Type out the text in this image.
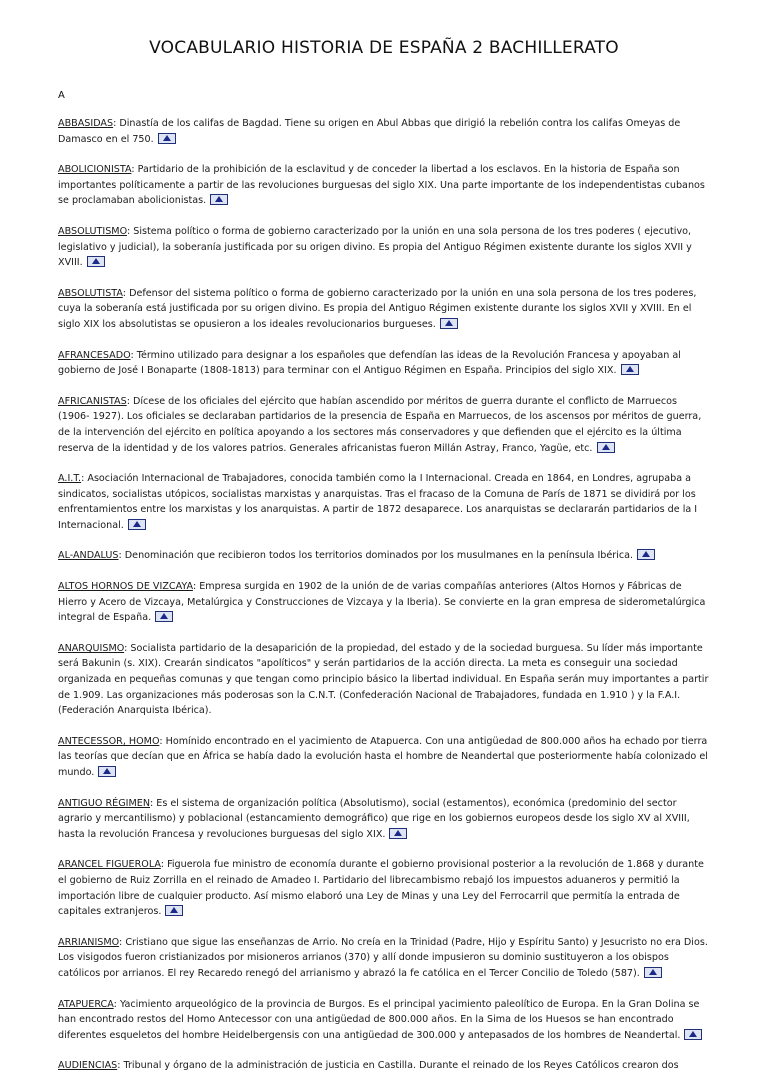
VOCABULARIO HISTORIA DE ESPAÑA 2 BACHILLERATO
A

ABBASIDAS: Dinastía de los califas de Bagdad. Tiene su origen en Abul Abbas que dirigió la rebelión contra los califas Omeyas de Damasco en el 750.

ABOLICIONISTA: Partidario de la prohibición de la esclavitud y de conceder la libertad a los esclavos. En la historia de España son importantes políticamente a partir de las revoluciones burguesas del siglo XIX. Una parte importante de los independentistas cubanos se proclamaban abolicionistas.

ABSOLUTISMO: Sistema político o forma de gobierno caracterizado por la unión en una sola persona de los tres poderes ( ejecutivo, legislativo y judicial), la soberanía justificada por su origen divino. Es propia del Antiguo Régimen existente durante los siglos XVII y XVIII.

ABSOLUTISTA: Defensor del sistema político o forma de gobierno caracterizado por la unión en una sola persona de los tres poderes, cuya la soberanía está justificada por su origen divino. Es propia del Antiguo Régimen existente durante los siglos XVII y XVIII. En el siglo XIX los absolutistas se opusieron a los ideales revolucionarios burgueses.

AFRANCESADO: Término utilizado para designar a los españoles que defendían las ideas de la Revolución Francesa y apoyaban al gobierno de José I Bonaparte (1808-1813) para terminar con el Antiguo Régimen en España. Principios del siglo XIX.

AFRICANISTAS: Dícese de los oficiales del ejército que habían ascendido por méritos de guerra durante el conflicto de Marruecos (1906- 1927). Los oficiales se declaraban partidarios de la presencia de España en Marruecos, de los ascensos por méritos de guerra, de la intervención del ejército en política apoyando a los sectores más conservadores y que defienden que el ejército es la última reserva de la identidad y de los valores patrios. Generales africanistas fueron Millán Astray, Franco, Yagüe, etc.

A.I.T.: Asociación Internacional de Trabajadores, conocida también como la I Internacional. Creada en 1864, en Londres, agrupaba a sindicatos, socialistas utópicos, socialistas marxistas y anarquistas. Tras el fracaso de la Comuna de París de 1871 se dividirá por los enfrentamientos entre los marxistas y los anarquistas. A partir de 1872 desaparece. Los anarquistas se declararán partidarios de la I Internacional.

AL-ANDALUS: Denominación que recibieron todos los territorios dominados por los musulmanes en la península Ibérica.

ALTOS HORNOS DE VIZCAYA: Empresa surgida en 1902 de la unión de de varias compañías anteriores (Altos Hornos y Fábricas de Hierro y Acero de Vizcaya, Metalúrgica y Construcciones de Vizcaya y la Iberia). Se convierte en la gran empresa de siderometalúrgica integral de España.

ANARQUISMO: Socialista partidario de la desaparición de la propiedad, del estado y de la sociedad burguesa. Su líder más importante será Bakunin (s. XIX). Crearán sindicatos "apolíticos" y serán partidarios de la acción directa. La meta es conseguir una sociedad organizada en pequeñas comunas y que tengan como principio básico la libertad individual. En España serán muy importantes a partir de 1.909. Las organizaciones más poderosas son la C.N.T. (Confederación Nacional de Trabajadores, fundada en 1.910 ) y la F.A.I. (Federación Anarquista Ibérica).

ANTECESSOR, HOMO: Homínido encontrado en el yacimiento de Atapuerca. Con una antigüedad de 800.000 años ha echado por tierra las teorías que decían que en África se había dado la evolución hasta el hombre de Neandertal que posteriormente había colonizado el mundo.

ANTIGUO RÉGIMEN: Es el sistema de organización política (Absolutismo), social (estamentos), económica (predominio del sector agrario y mercantilismo) y poblacional (estancamiento demográfico) que rige en los gobiernos europeos desde los siglo XV al XVIII, hasta la revolución Francesa y revoluciones burguesas del siglo XIX.

ARANCEL FIGUEROLA: Figuerola fue ministro de economía durante el gobierno provisional posterior a la revolución de 1.868 y durante el gobierno de Ruiz Zorrilla en el reinado de Amadeo I. Partidario del librecambismo rebajó los impuestos aduaneros y permitió la importación libre de cualquier producto. Así mismo elaboró una Ley de Minas y una Ley del Ferrocarril que permitía la entrada de capitales extranjeros.

ARRIANISMO: Cristiano que sigue las enseñanzas de Arrio. No creía en la Trinidad (Padre, Hijo y Espíritu Santo) y Jesucristo no era Dios. Los visigodos fueron cristianizados por misioneros arrianos (370) y allí donde impusieron su dominio sustituyeron a los obispos católicos por arrianos. El rey Recaredo renegó del arrianismo y abrazó la fe católica en el Tercer Concilio de Toledo (587).

ATAPUERCA: Yacimiento arqueológico de la provincia de Burgos. Es el principal yacimiento paleolítico de Europa. En la Gran Dolina se han encontrado restos del Homo Antecessor con una antigüedad de 800.000 años. En la Sima de los Huesos se han encontrado diferentes esqueletos del hombre Heidelbergensis con una antigüedad de 300.000 y antepasados de los hombres de Neandertal.

AUDIENCIAS: Tribunal y órgano de la administración de justicia en Castilla. Durante el reinado de los Reyes Católicos crearon dos
